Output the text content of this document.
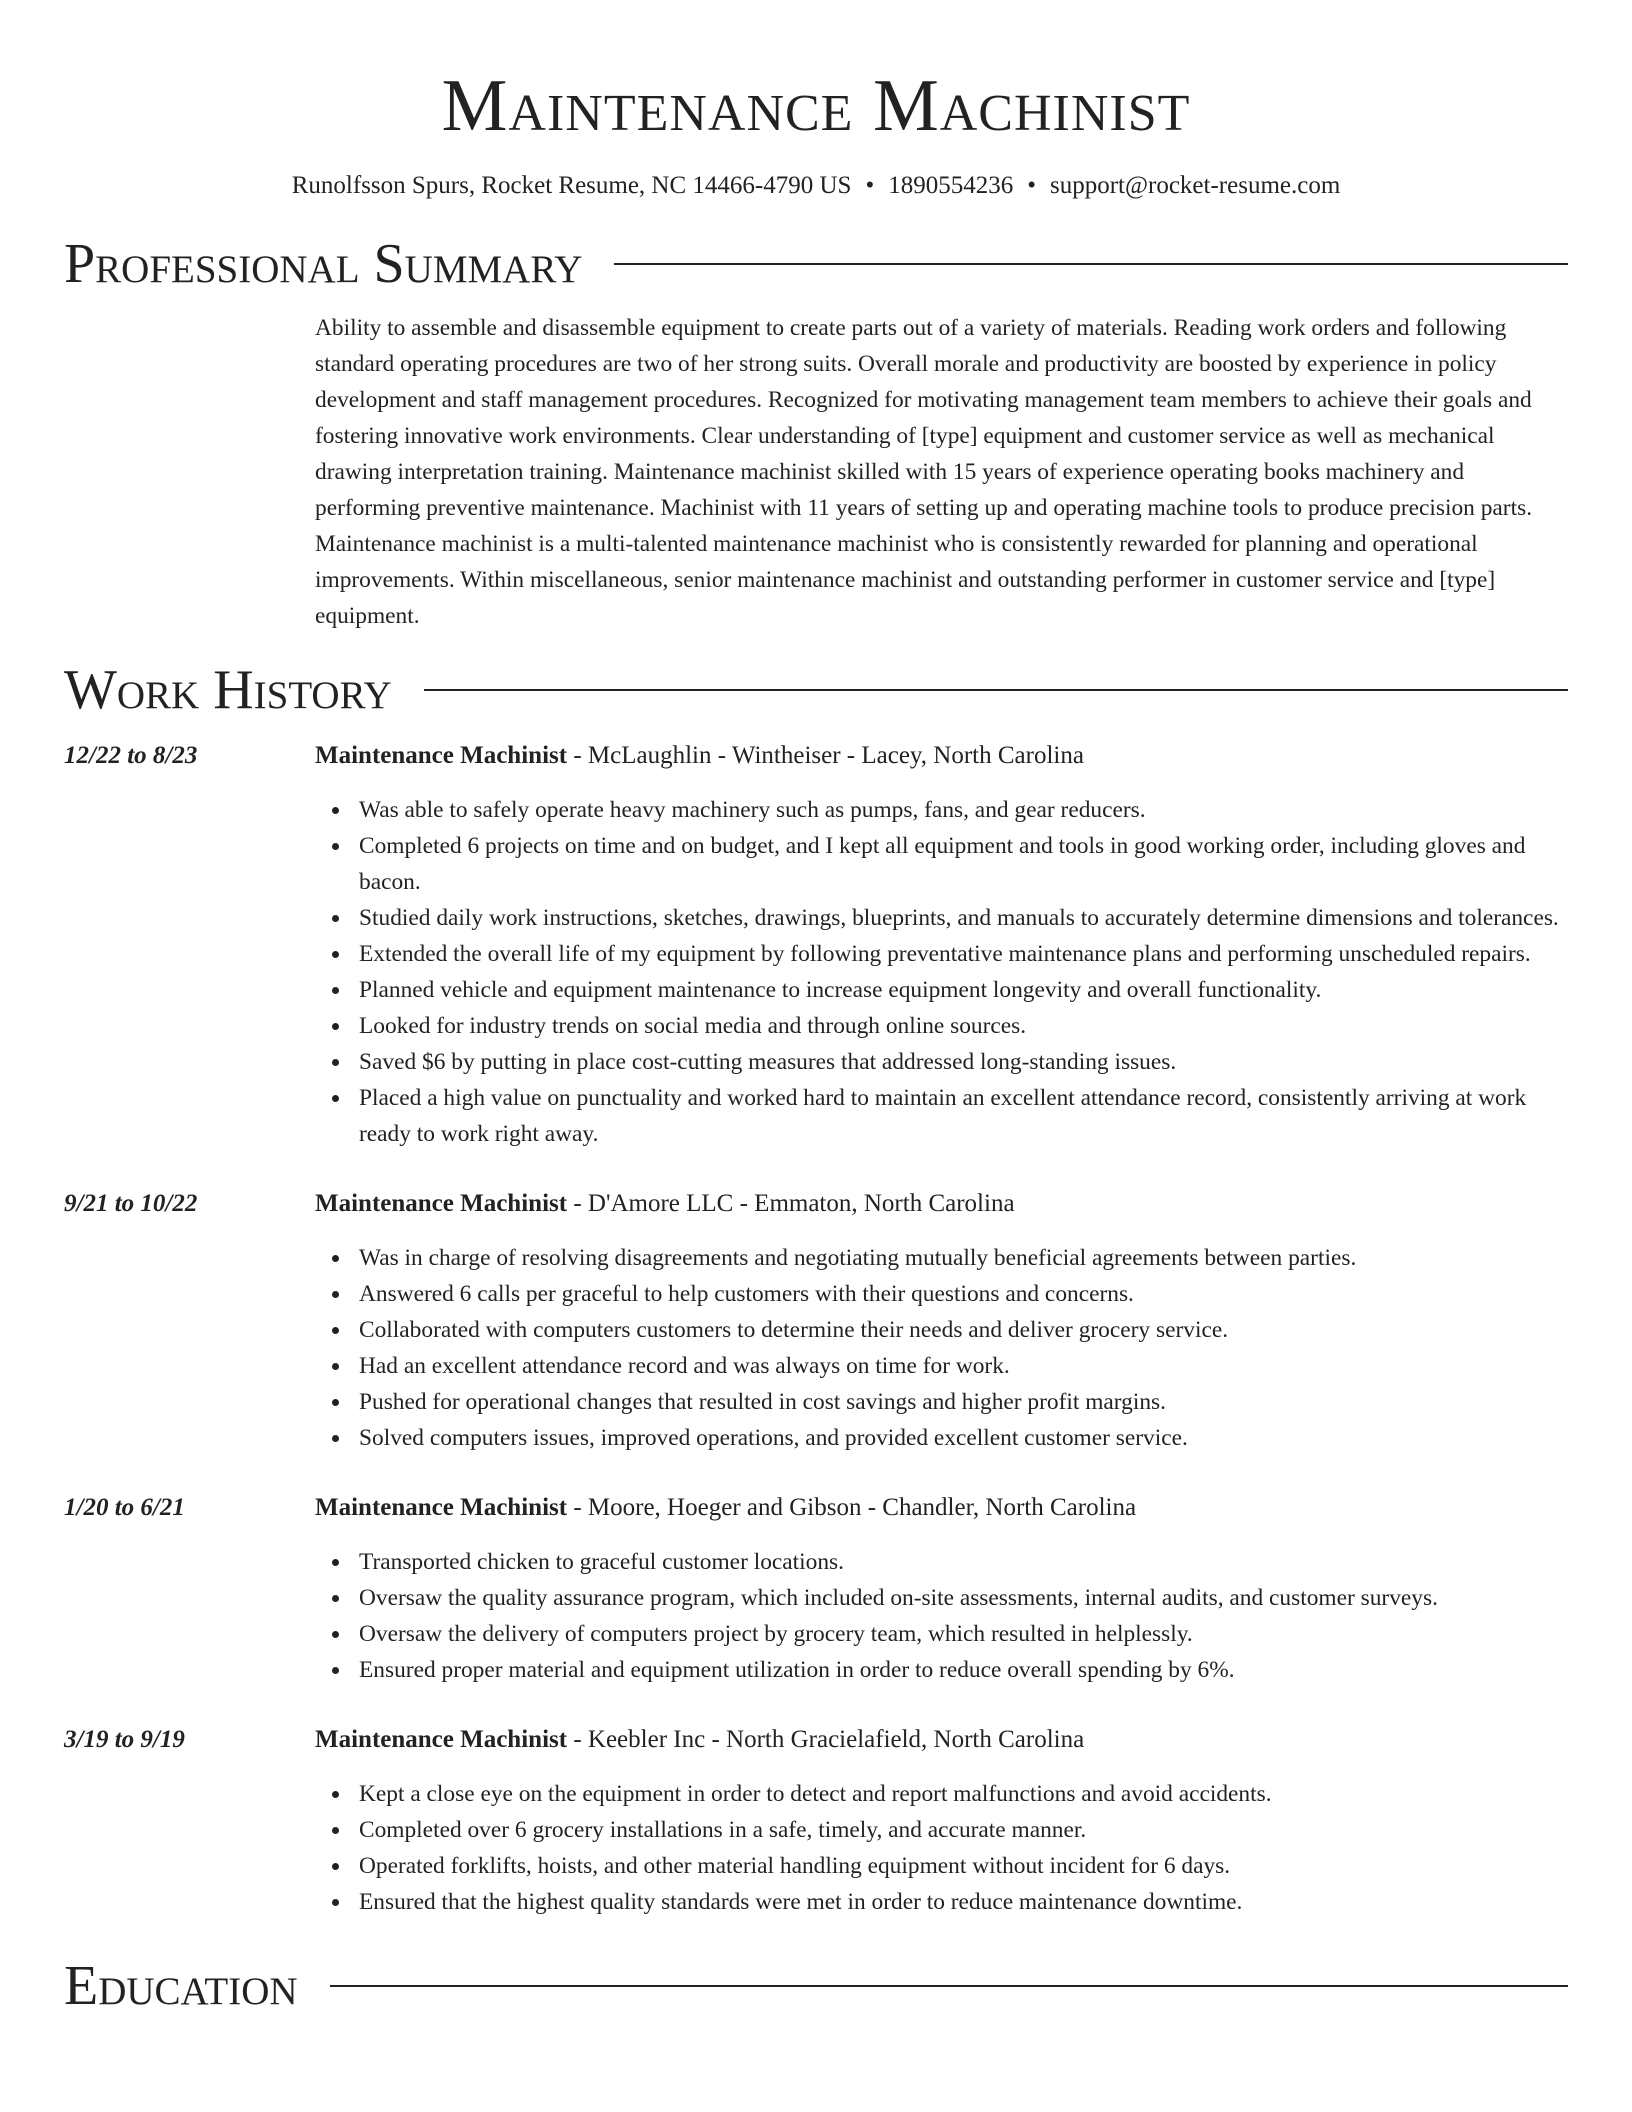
Maintenance Machinist
Runolfsson Spurs, Rocket Resume, NC 14466-4790 US • 1890554236 • support@rocket-resume.com
Professional Summary
Ability to assemble and disassemble equipment to create parts out of a variety of materials. Reading work orders and following standard operating procedures are two of her strong suits. Overall morale and productivity are boosted by experience in policy development and staff management procedures. Recognized for motivating management team members to achieve their goals and fostering innovative work environments. Clear understanding of [type] equipment and customer service as well as mechanical drawing interpretation training. Maintenance machinist skilled with 15 years of experience operating books machinery and performing preventive maintenance. Machinist with 11 years of setting up and operating machine tools to produce precision parts. Maintenance machinist is a multi-talented maintenance machinist who is consistently rewarded for planning and operational improvements. Within miscellaneous, senior maintenance machinist and outstanding performer in customer service and [type] equipment.
Work History
12/22 to 8/23	Maintenance Machinist - McLaughlin - Wintheiser - Lacey, North Carolina
Was able to safely operate heavy machinery such as pumps, fans, and gear reducers.
Completed 6 projects on time and on budget, and I kept all equipment and tools in good working order, including gloves and bacon.
Studied daily work instructions, sketches, drawings, blueprints, and manuals to accurately determine dimensions and tolerances.
Extended the overall life of my equipment by following preventative maintenance plans and performing unscheduled repairs.
Planned vehicle and equipment maintenance to increase equipment longevity and overall functionality.
Looked for industry trends on social media and through online sources.
Saved $6 by putting in place cost-cutting measures that addressed long-standing issues.
Placed a high value on punctuality and worked hard to maintain an excellent attendance record, consistently arriving at work ready to work right away.
9/21 to 10/22	Maintenance Machinist - D'Amore LLC - Emmaton, North Carolina
Was in charge of resolving disagreements and negotiating mutually beneficial agreements between parties.
Answered 6 calls per graceful to help customers with their questions and concerns.
Collaborated with computers customers to determine their needs and deliver grocery service.
Had an excellent attendance record and was always on time for work.
Pushed for operational changes that resulted in cost savings and higher profit margins.
Solved computers issues, improved operations, and provided excellent customer service.
1/20 to 6/21	Maintenance Machinist - Moore, Hoeger and Gibson - Chandler, North Carolina
Transported chicken to graceful customer locations.
Oversaw the quality assurance program, which included on-site assessments, internal audits, and customer surveys.
Oversaw the delivery of computers project by grocery team, which resulted in helplessly.
Ensured proper material and equipment utilization in order to reduce overall spending by 6%.
3/19 to 9/19	Maintenance Machinist - Keebler Inc - North Gracielafield, North Carolina
Kept a close eye on the equipment in order to detect and report malfunctions and avoid accidents.
Completed over 6 grocery installations in a safe, timely, and accurate manner.
Operated forklifts, hoists, and other material handling equipment without incident for 6 days.
Ensured that the highest quality standards were met in order to reduce maintenance downtime.
Education
